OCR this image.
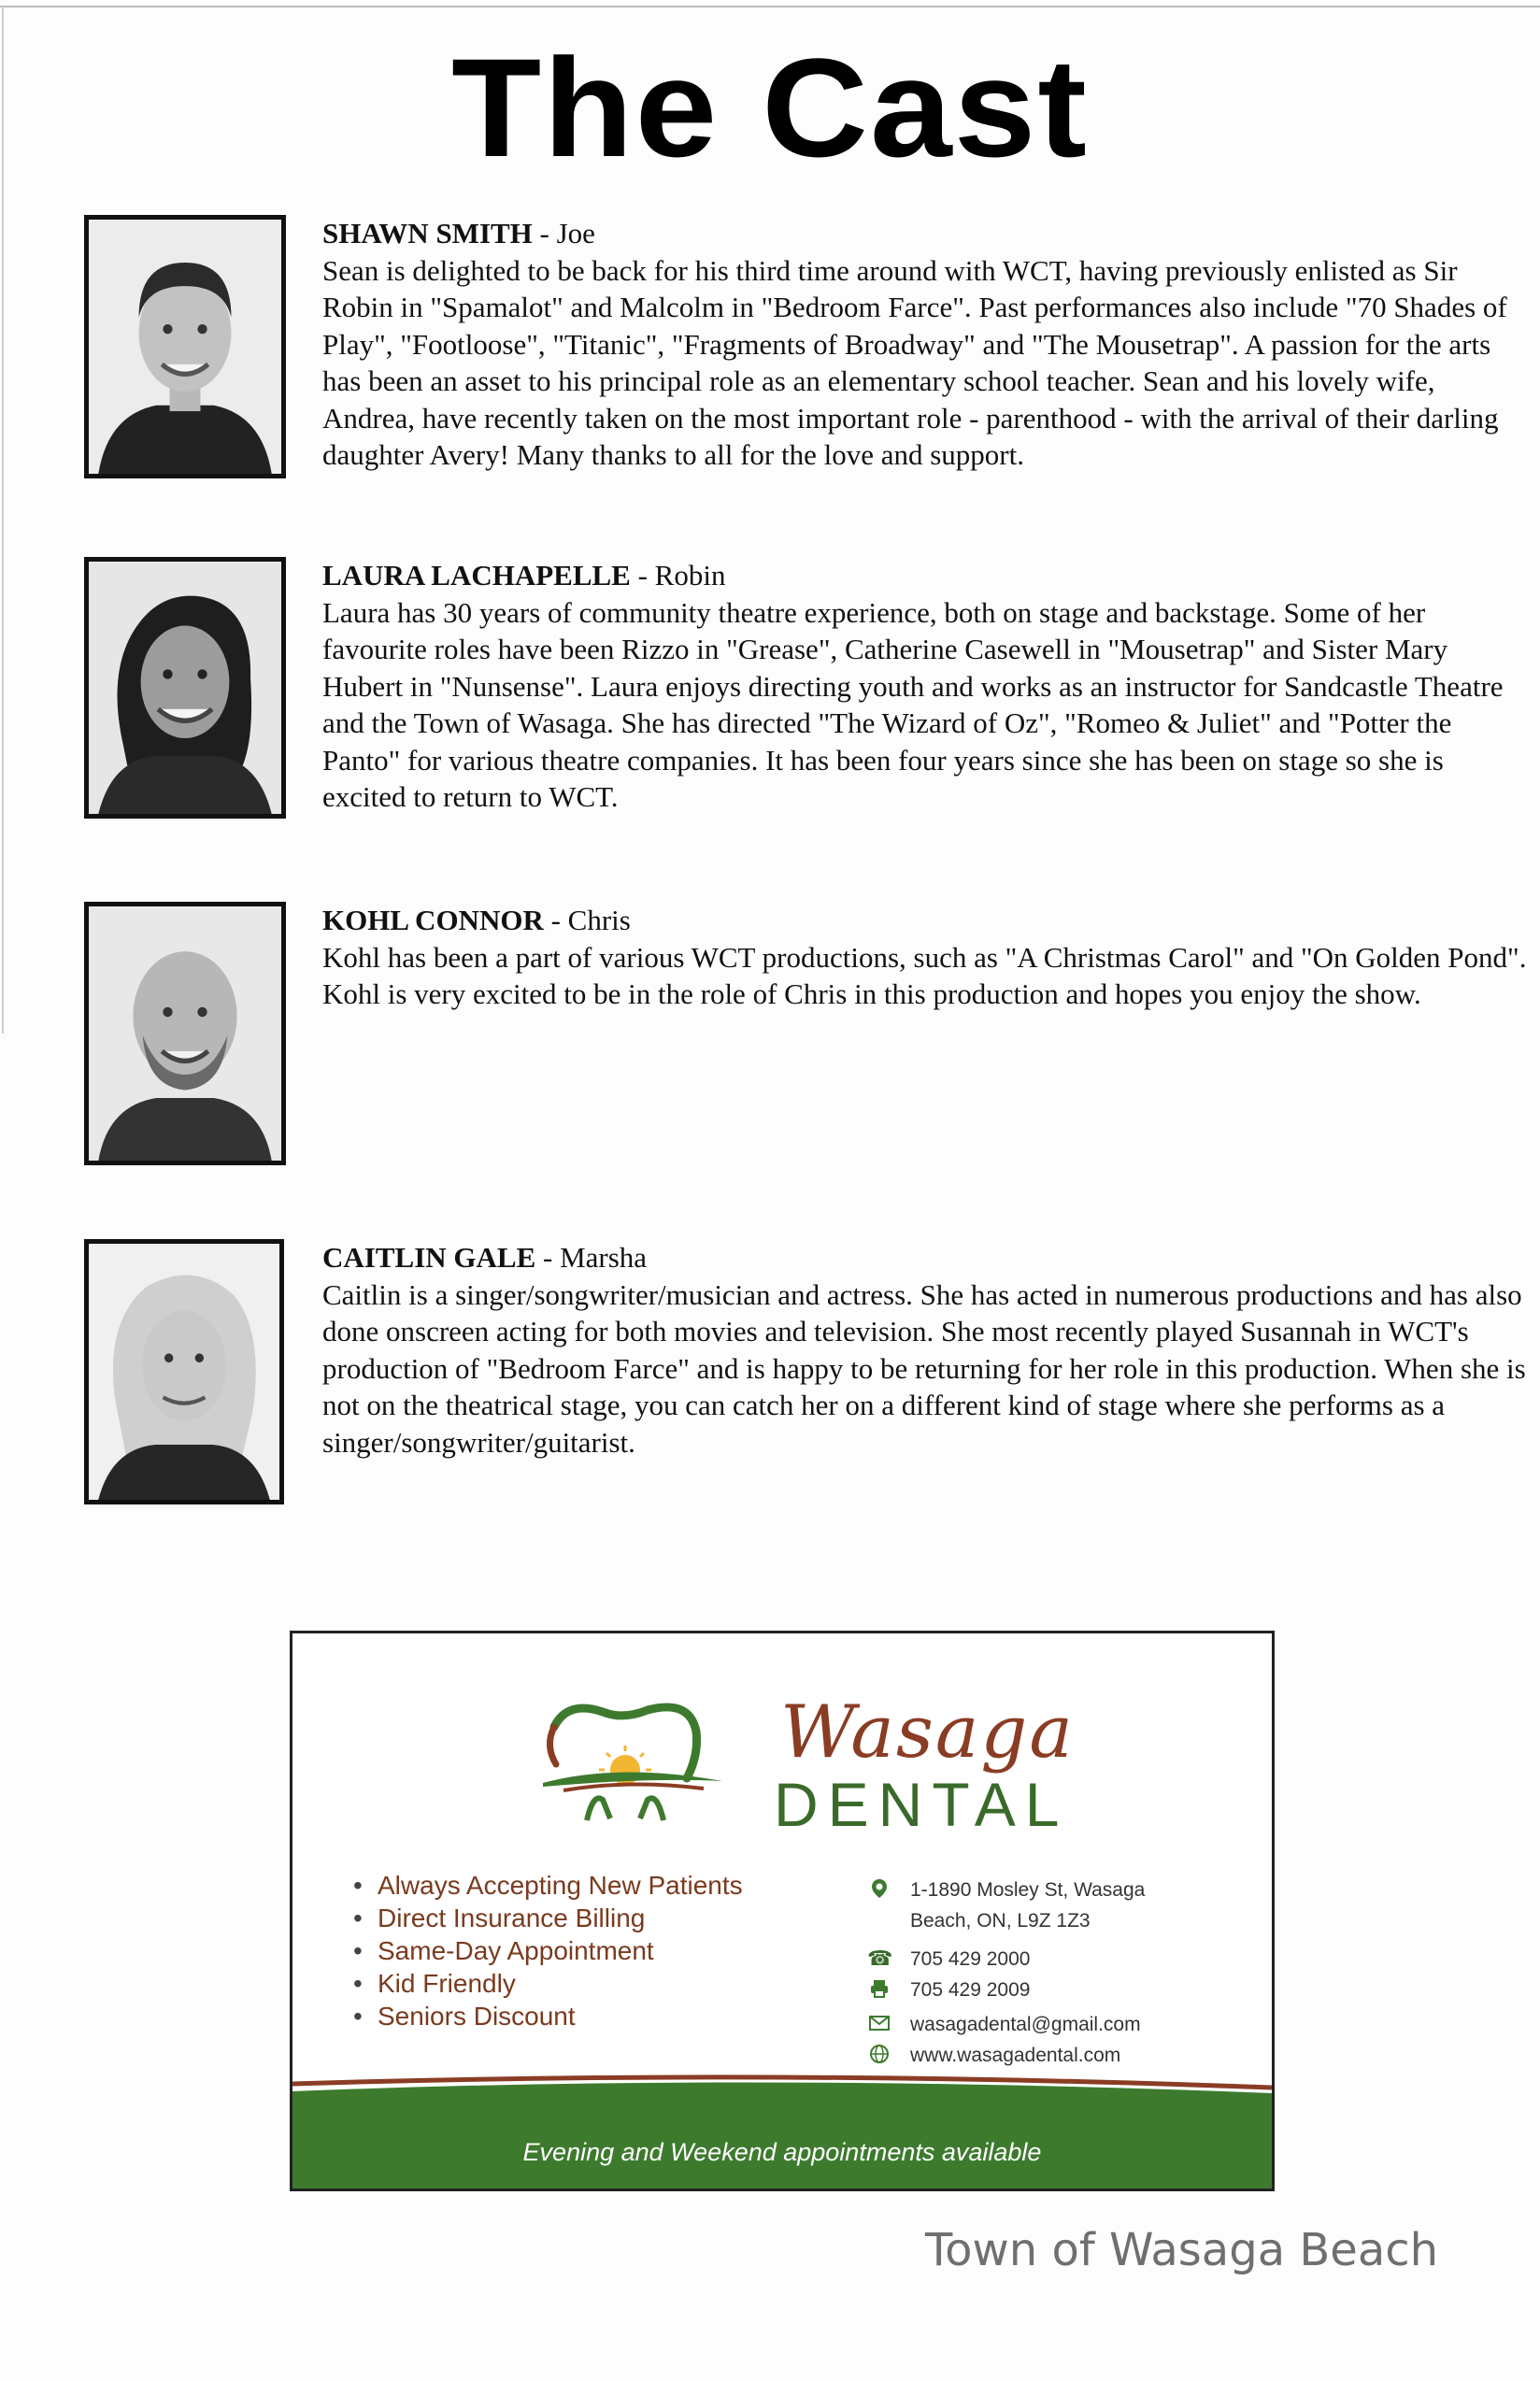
The Cast
SHAWN SMITH - Joe
Sean is delighted to be back for his third time around with WCT, having previously enlisted as Sir Robin in "Spamalot" and Malcolm in "Bedroom Farce". Past performances also include "70 Shades of Play", "Footloose", "Titanic", "Fragments of Broadway" and "The Mousetrap". A passion for the arts has been an asset to his principal role as an elementary school teacher. Sean and his lovely wife, Andrea, have recently taken on the most important role - parenthood - with the arrival of their darling daughter Avery! Many thanks to all for the love and support.
LAURA LACHAPELLE - Robin
Laura has 30 years of community theatre experience, both on stage and backstage. Some of her favourite roles have been Rizzo in "Grease", Catherine Casewell in "Mousetrap" and Sister Mary Hubert in "Nunsense". Laura enjoys directing youth and works as an instructor for Sandcastle Theatre and the Town of Wasaga. She has directed "The Wizard of Oz", "Romeo & Juliet" and "Potter the Panto" for various theatre companies. It has been four years since she has been on stage so she is excited to return to WCT.
KOHL CONNOR - Chris
Kohl has been a part of various WCT productions, such as "A Christmas Carol" and "On Golden Pond". Kohl is very excited to be in the role of Chris in this production and hopes you enjoy the show.
CAITLIN GALE - Marsha
Caitlin is a singer/songwriter/musician and actress. She has acted in numerous productions and has also done onscreen acting for both movies and television. She most recently played Susannah in WCT's production of "Bedroom Farce" and is happy to be returning for her role in this production. When she is not on the theatrical stage, you can catch her on a different kind of stage where she performs as a singer/songwriter/guitarist.
Wasaga
DENTAL
• Always Accepting New Patients
• Direct Insurance Billing
• Same-Day Appointment
• Kid Friendly
• Seniors Discount
1-1890 Mosley St, Wasaga
Beach, ON, L9Z 1Z3
☎ 705 429 2000
705 429 2009
wasagadental@gmail.com
www.wasagadental.com
Evening and Weekend appointments available
Town of Wasaga Beach
